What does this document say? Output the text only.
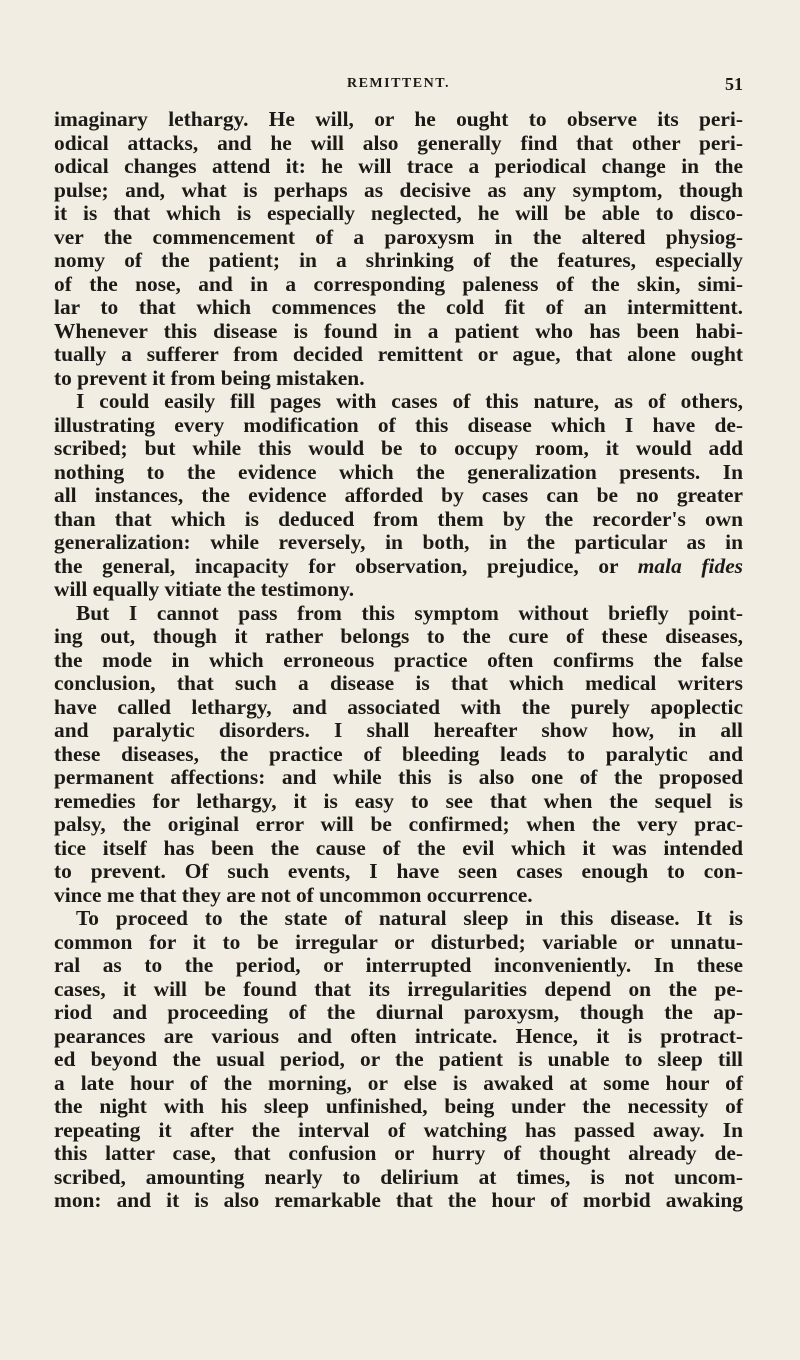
REMITTENT.	51
imaginary lethargy. He will, or he ought to observe its peri-
odical attacks, and he will also generally find that other peri-
odical changes attend it: he will trace a periodical change in the
pulse; and, what is perhaps as decisive as any symptom, though
it is that which is especially neglected, he will be able to disco-
ver the commencement of a paroxysm in the altered physiog-
nomy of the patient; in a shrinking of the features, especially
of the nose, and in a corresponding paleness of the skin, simi-
lar to that which commences the cold fit of an intermittent.
Whenever this disease is found in a patient who has been habi-
tually a sufferer from decided remittent or ague, that alone ought
to prevent it from being mistaken.
I could easily fill pages with cases of this nature, as of others,
illustrating every modification of this disease which I have de-
scribed; but while this would be to occupy room, it would add
nothing to the evidence which the generalization presents. In
all instances, the evidence afforded by cases can be no greater
than that which is deduced from them by the recorder's own
generalization: while reversely, in both, in the particular as in
the general, incapacity for observation, prejudice, or mala fides
will equally vitiate the testimony.
But I cannot pass from this symptom without briefly point-
ing out, though it rather belongs to the cure of these diseases,
the mode in which erroneous practice often confirms the false
conclusion, that such a disease is that which medical writers
have called lethargy, and associated with the purely apoplectic
and paralytic disorders. I shall hereafter show how, in all
these diseases, the practice of bleeding leads to paralytic and
permanent affections: and while this is also one of the proposed
remedies for lethargy, it is easy to see that when the sequel is
palsy, the original error will be confirmed; when the very prac-
tice itself has been the cause of the evil which it was intended
to prevent. Of such events, I have seen cases enough to con-
vince me that they are not of uncommon occurrence.
To proceed to the state of natural sleep in this disease. It is
common for it to be irregular or disturbed; variable or unnatu-
ral as to the period, or interrupted inconveniently. In these
cases, it will be found that its irregularities depend on the pe-
riod and proceeding of the diurnal paroxysm, though the ap-
pearances are various and often intricate. Hence, it is protract-
ed beyond the usual period, or the patient is unable to sleep till
a late hour of the morning, or else is awaked at some hour of
the night with his sleep unfinished, being under the necessity of
repeating it after the interval of watching has passed away. In
this latter case, that confusion or hurry of thought already de-
scribed, amounting nearly to delirium at times, is not uncom-
mon: and it is also remarkable that the hour of morbid awaking
